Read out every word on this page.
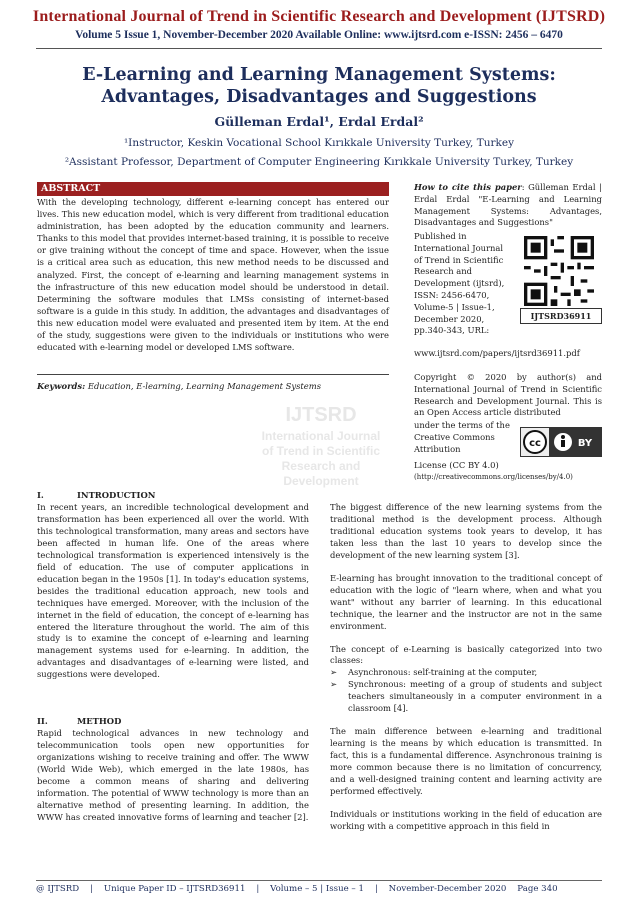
International Journal of Trend in Scientific Research and Development (IJTSRD)
Volume 5 Issue 1, November-December 2020 Available Online: www.ijtsrd.com e-ISSN: 2456 – 6470
E-Learning and Learning Management Systems:
Advantages, Disadvantages and Suggestions
Gülleman Erdal¹, Erdal Erdal²
¹Instructor, Keskin Vocational School Kırıkkale University Turkey, Turkey
²Assistant Professor, Department of Computer Engineering Kırıkkale University Turkey, Turkey
ABSTRACT
With the developing technology, different e-learning concept has entered our lives. This new education model, which is very different from traditional education administration, has been adopted by the education community and learners. Thanks to this model that provides internet-based training, it is possible to receive or give training without the concept of time and space. However, when the issue is a critical area such as education, this new method needs to be discussed and analyzed. First, the concept of e-learning and learning management systems in the infrastructure of this new education model should be understood in detail. Determining the software modules that LMSs consisting of internet-based software is a guide in this study. In addition, the advantages and disadvantages of this new education model were evaluated and presented item by item. At the end of the study, suggestions were given to the individuals or institutions who were educated with e-learning model or developed LMS software.
Keywords: Education, E-learning, Learning Management Systems
How to cite this paper: Gülleman Erdal | Erdal Erdal "E-Learning and Learning Management Systems: Advantages, Disadvantages and Suggestions"
Published in International Journal of Trend in Scientific Research and Development (ijtsrd), ISSN: 2456-6470, Volume-5 | Issue-1, December 2020, pp.340-343, URL:
IJTSRD36911
www.ijtsrd.com/papers/ijtsrd36911.pdf
Copyright © 2020 by author(s) and International Journal of Trend in Scientific Research and Development Journal. This is an Open Access article distributed
under the terms of the Creative Commons Attribution	cc	BY
License (CC BY 4.0)
(http://creativecommons.org/licenses/by/4.0)
IJTSRD
International Journal
of Trend in Scientific
Research and
Development
I.	INTRODUCTION
In recent years, an incredible technological development and transformation has been experienced all over the world. With this technological transformation, many areas and sectors have been affected in human life. One of the areas where technological transformation is experienced intensively is the field of education. The use of computer applications in education began in the 1950s [1]. In today's education systems, besides the traditional education approach, new tools and techniques have emerged. Moreover, with the inclusion of the internet in the field of education, the concept of e-learning has entered the literature throughout the world. The aim of this study is to examine the concept of e-learning and learning management systems used for e-learning. In addition, the advantages and disadvantages of e-learning were listed, and suggestions were developed.
II.	METHOD
Rapid technological advances in new technology and telecommunication tools open new opportunities for organizations wishing to receive training and offer. The WWW (World Wide Web), which emerged in the late 1980s, has become a common means of sharing and delivering information. The potential of WWW technology is more than an alternative method of presenting learning. In addition, the WWW has created innovative forms of learning and teacher [2].

The biggest difference of the new learning systems from the traditional method is the development process. Although traditional education systems took years to develop, it has taken less than the last 10 years to develop since the development of the new learning system [3].

E-learning has brought innovation to the traditional concept of education with the logic of "learn where, when and what you want" without any barrier of learning. In this educational technique, the learner and the instructor are not in the same environment.

The concept of e-Learning is basically categorized into two classes:

➢	Asynchronous: self-training at the computer,
➢	Synchronous: meeting of a group of students and subject teachers simultaneously in a computer environment in a classroom [4].

The main difference between e-learning and traditional learning is the means by which education is transmitted. In fact, this is a fundamental difference. Asynchronous training is more common because there is no limitation of concurrency, and a well-designed training content and learning activity are performed effectively.

Individuals or institutions working in the field of education are working with a competitive approach in this field in

@ IJTSRD    |    Unique Paper ID – IJTSRD36911    |    Volume – 5 | Issue – 1    |    November-December 2020    Page 340
